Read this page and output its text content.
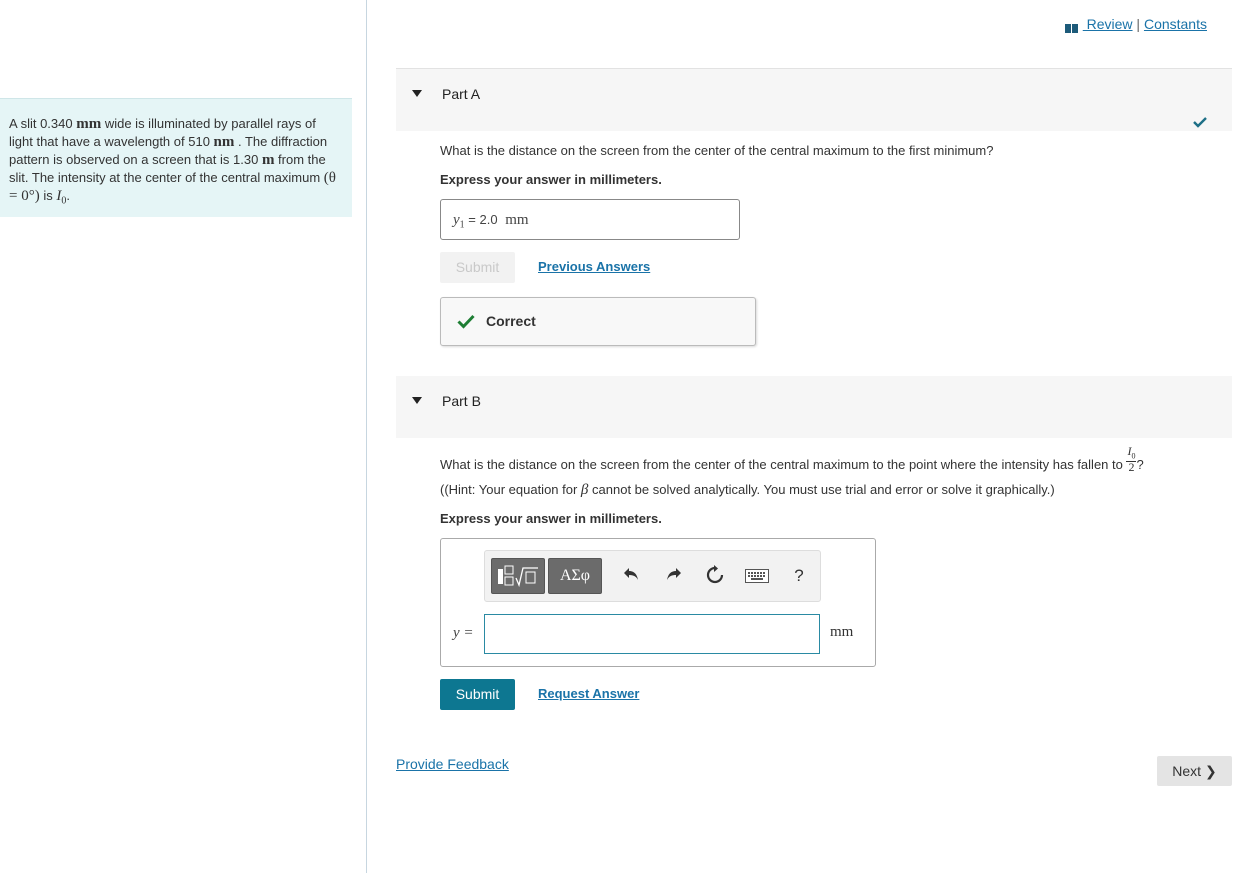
A slit 0.340 mm wide is illuminated by parallel rays of light that have a wavelength of 510 nm . The diffraction pattern is observed on a screen that is 1.30 m from the slit. The intensity at the center of the central maximum (θ = 0°) is $I_0$.
Review | Constants
Part A
What is the distance on the screen from the center of the central maximum to the first minimum?
Express your answer in millimeters.
$y_1 = 2.0$ mm
Submit	Previous Answers
Correct
Part B
What is the distance on the screen from the center of the central maximum to the point where the intensity has fallen to $\frac{I_0}{2}$ ?
((Hint: Your equation for β cannot be solved analytically. You must use trial and error or solve it graphically.)
Express your answer in millimeters.
ΑΣφ	?
y =	mm
Submit	Request Answer
Provide Feedback	Next ❯
